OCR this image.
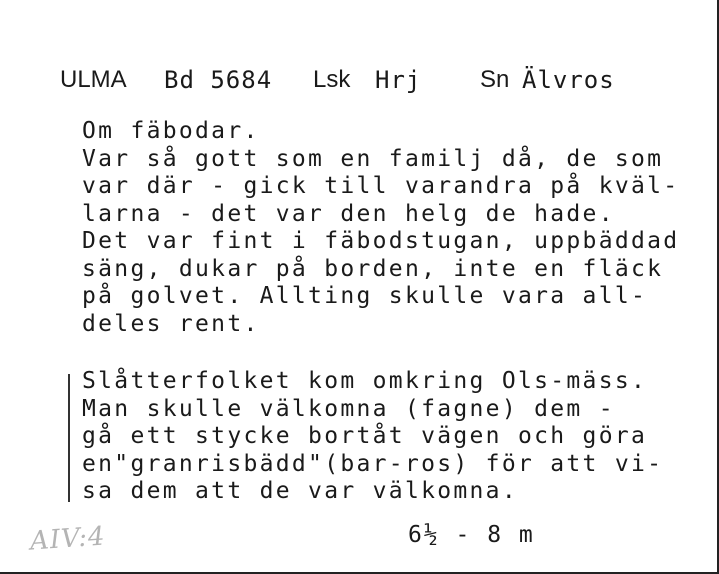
ULMA Bd 5684 Lsk Hrj Sn Älvros
Om fäbodar.
Var så gott som en familj då, de som
var där - gick till varandra på kväl-
larna - det var den helg de hade.
Det var fint i fäbodstugan, uppbäddad
säng, dukar på borden, inte en fläck
på golvet. Allting skulle vara all-
deles rent.
Slåtterfolket kom omkring Ols-mäss.
Man skulle välkomna (fagne) dem -
gå ett stycke bortåt vägen och göra
en"granrisbädd"(bar-ros) för att vi-
sa dem att de var välkomna.
AIV:4	6½ - 8 m
